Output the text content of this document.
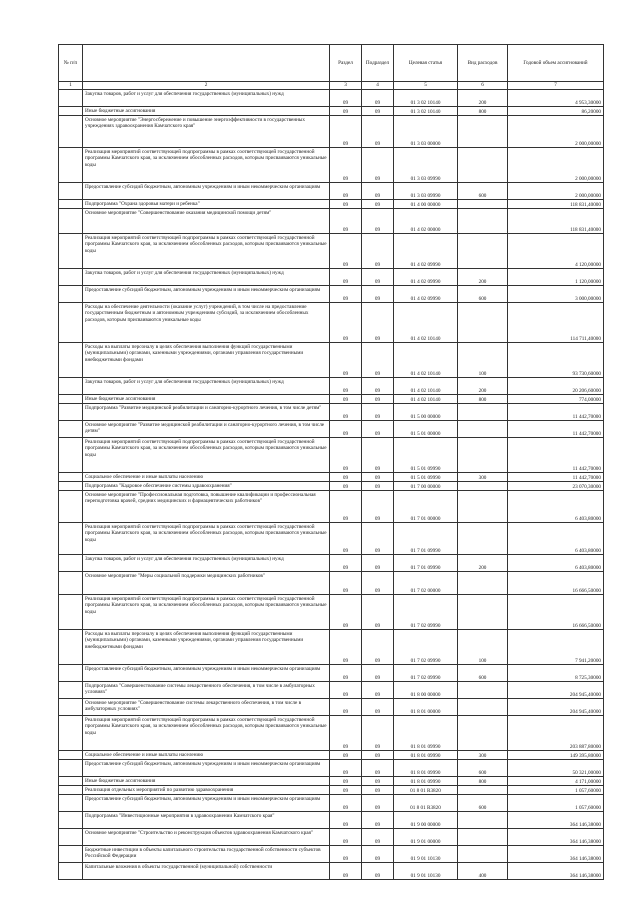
№ п/п		Раздел	Подраздел	Целевая статья	Вид расходов	Годовой объем ассигнований
1	2	3	4	5	6	7
	Закупка товаров, работ и услуг для обеспечения государственных (муниципальных) нужд	09	09	01 3 02 10140	200	4 953,30000
	Иные бюджетные ассигнования	09	09	01 3 02 10140	800	86,20000
	Основное мероприятие "Энергосбережение и повышение энергоэффективности в государственных учреждениях здравоохранения Камчатского края"	09	09	01 3 03 00000		2 000,00000
	Реализация мероприятий соответствующей подпрограммы в рамках соответствующей государственной программы Камчатского края, за исключением обособленных расходов, которым присваиваются уникальные коды	09	09	01 3 03 09990		2 000,00000
	Предоставление субсидий бюджетным, автономным учреждениям и иным некоммерческим организациям	09	09	01 3 03 09990	600	2 000,00000
	Подпрограмма "Охрана здоровья матери и ребенка"	09	09	01 4 00 00000		118 831,40000
	Основное мероприятие "Совершенствование оказания медицинской помощи детям"	09	09	01 4 02 00000		118 831,40000
	Реализация мероприятий соответствующей подпрограммы в рамках соответствующей государственной программы Камчатского края, за исключением обособленных расходов, которым присваиваются уникальные коды	09	09	01 4 02 09990		4 120,00000
	Закупка товаров, работ и услуг для обеспечения государственных (муниципальных) нужд	09	09	01 4 02 09990	200	1 120,00000
	Предоставление субсидий бюджетным, автономным учреждениям и иным некоммерческим организациям	09	09	01 4 02 09990	600	3 000,00000
	Расходы на обеспечение деятельности (оказание услуг) учреждений, в том числе на предоставление государственным бюджетным и автономным учреждениям субсидий, за исключением обособленных расходов, которым присваиваются уникальные коды	09	09	01 4 02 10140		114 711,40000
	Расходы на выплаты персоналу в целях обеспечения выполнения функций государственными (муниципальными) органами, казенными учреждениями, органами управления государственными внебюджетными фондами	09	09	01 4 02 10140	100	93 730,60000
	Закупка товаров, работ и услуг для обеспечения государственных (муниципальных) нужд	09	09	01 4 02 10140	200	20 206,60000
	Иные бюджетные ассигнования	09	09	01 4 02 10140	800	774,00000
	Подпрограмма "Развитие медицинской реабилитации и санаторно-курортного лечения, в том числе детям"	09	09	01 5 00 00000		11 442,70000
	Основное мероприятие "Развитие медицинской реабилитации и санаторно-курортного лечения, в том числе детям"	09	09	01 5 01 00000		11 442,70000
	Реализация мероприятий соответствующей подпрограммы в рамках соответствующей государственной программы Камчатского края, за исключением обособленных расходов, которым присваиваются уникальные коды	09	09	01 5 01 09990		11 442,70000
	Социальное обеспечение и иные выплаты населению	09	09	01 5 01 09990	300	11 442,70000
	Подпрограмма "Кадровое обеспечение системы здравоохранения"	09	09	01 7 00 00000		23 070,30000
	Основное мероприятие "Профессиональная подготовка, повышение квалификации и профессиональная переподготовка врачей, средних медицинских и фармацевтических работников"	09	09	01 7 01 00000		6 403,80000
	Реализация мероприятий соответствующей подпрограммы в рамках соответствующей государственной программы Камчатского края, за исключением обособленных расходов, которым присваиваются уникальные коды	09	09	01 7 01 09990		6 403,80000
	Закупка товаров, работ и услуг для обеспечения государственных (муниципальных) нужд	09	09	01 7 01 09990	200	6 403,80000
	Основное мероприятие "Меры социальной поддержки медицинских работников"	09	09	01 7 02 00000		16 666,50000
	Реализация мероприятий соответствующей подпрограммы в рамках соответствующей государственной программы Камчатского края, за исключением обособленных расходов, которым присваиваются уникальные коды	09	09	01 7 02 09990		16 666,50000
	Расходы на выплаты персоналу в целях обеспечения выполнения функций государственными (муниципальными) органами, казенными учреждениями, органами управления государственными внебюджетными фондами	09	09	01 7 02 09990	100	7 941,20000
	Предоставление субсидий бюджетным, автономным учреждениям и иным некоммерческим организациям	09	09	01 7 02 09990	600	8 725,30000
	Подпрограмма "Совершенствование системы лекарственного обеспечения, в том числе в амбулаторных условиях"	09	09	01 8 00 00000		204 945,40000
	Основное мероприятие "Совершенствование системы лекарственного обеспечения, в том числе в амбулаторных условиях"	09	09	01 8 01 00000		204 945,40000
	Реализация мероприятий соответствующей подпрограммы в рамках соответствующей государственной программы Камчатского края, за исключением обособленных расходов, которым присваиваются уникальные коды	09	09	01 8 01 09990		203 887,80000
	Социальное обеспечение и иные выплаты населению	09	09	01 8 01 09990	300	149 395,80000
	Предоставление субсидий бюджетным, автономным учреждениям и иным некоммерческим организациям	09	09	01 8 01 09990	600	50 321,00000
	Иные бюджетные ассигнования	09	09	01 8 01 09990	800	4 171,00000
	Реализация отдельных мероприятий по развитию здравоохранения	09	09	01 8 01 R3820		1 057,60000
	Предоставление субсидий бюджетным, автономным учреждениям и иным некоммерческим организациям	09	09	01 8 01 R3820	600	1 057,60000
	Подпрограмма "Инвестиционные мероприятия в здравоохранении Камчатского края"	09	09	01 9 00 00000		364 146,38000
	Основное мероприятие "Строительство и реконструкция объектов здравоохранения Камчатского края"	09	09	01 9 01 00000		364 146,38000
	Бюджетные инвестиции в объекты капитального строительства государственной собственности субъектов Российской Федерации	09	09	01 9 01 10130		364 146,38000
	Капитальные вложения в объекты государственной (муниципальной) собственности	09	09	01 9 01 10130	400	364 146,38000
